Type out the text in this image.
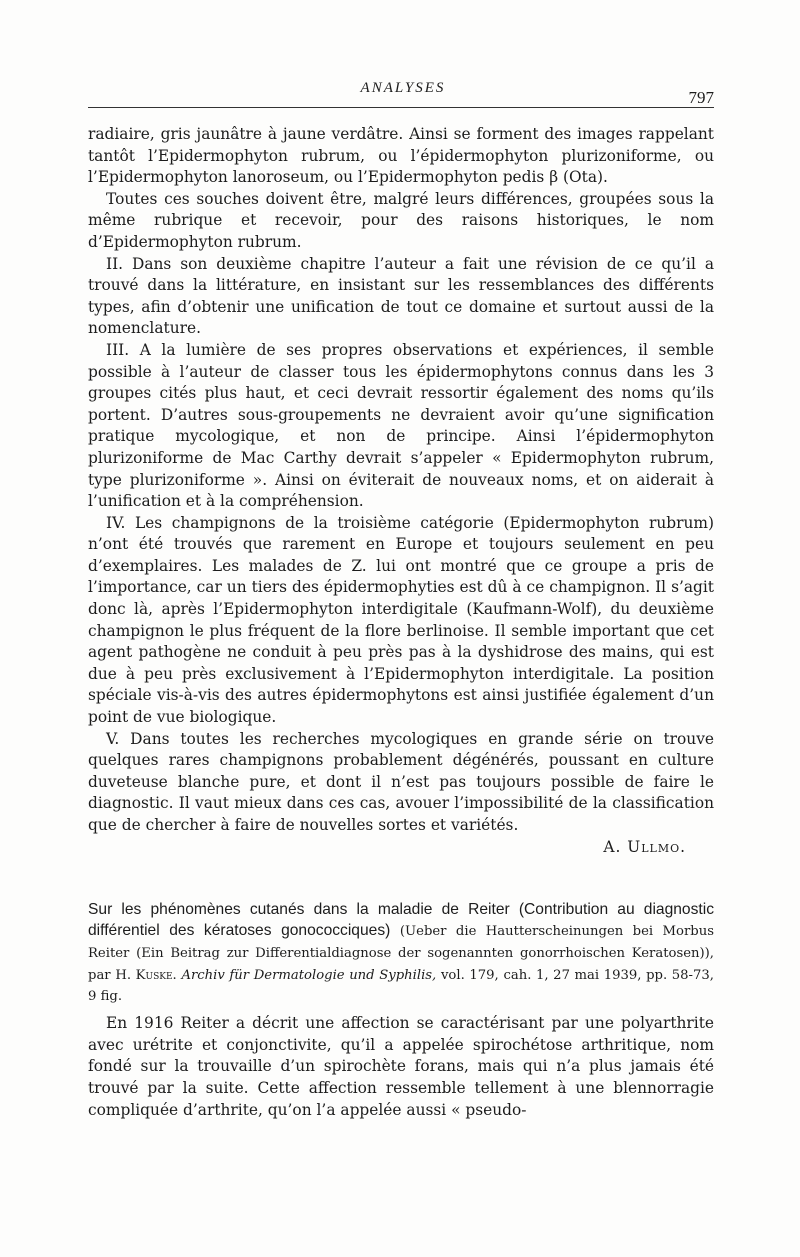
ANALYSES	797

radiaire, gris jaunâtre à jaune verdâtre. Ainsi se forment des images rappelant tantôt l’Epidermophyton rubrum, ou l’épidermophyton plurizoniforme, ou l’Epidermophyton lanoroseum, ou l’Epidermophyton pedis β (Ota).

Toutes ces souches doivent être, malgré leurs différences, groupées sous la même rubrique et recevoir, pour des raisons historiques, le nom d’Epidermophyton rubrum.

II. Dans son deuxième chapitre l’auteur a fait une révision de ce qu’il a trouvé dans la littérature, en insistant sur les ressemblances des différents types, afin d’obtenir une unification de tout ce domaine et surtout aussi de la nomenclature.

III. A la lumière de ses propres observations et expériences, il semble possible à l’auteur de classer tous les épidermophytons connus dans les 3 groupes cités plus haut, et ceci devrait ressortir également des noms qu’ils portent. D’autres sous-groupements ne devraient avoir qu’une signification pratique mycologique, et non de principe. Ainsi l’épidermophyton plurizoniforme de Mac Carthy devrait s’appeler « Epidermophyton rubrum, type plurizoniforme ». Ainsi on éviterait de nouveaux noms, et on aiderait à l’unification et à la compréhension.

IV. Les champignons de la troisième catégorie (Epidermophyton rubrum) n’ont été trouvés que rarement en Europe et toujours seulement en peu d’exemplaires. Les malades de Z. lui ont montré que ce groupe a pris de l’importance, car un tiers des épidermophyties est dû à ce champignon. Il s’agit donc là, après l’Epidermophyton interdigitale (Kaufmann-Wolf), du deuxième champignon le plus fréquent de la flore berlinoise. Il semble important que cet agent pathogène ne conduit à peu près pas à la dyshidrose des mains, qui est due à peu près exclusivement à l’Epidermophyton interdigitale. La position spéciale vis-à-vis des autres épidermophytons est ainsi justifiée également d’un point de vue biologique.

V. Dans toutes les recherches mycologiques en grande série on trouve quelques rares champignons probablement dégénérés, poussant en culture duveteuse blanche pure, et dont il n’est pas toujours possible de faire le diagnostic. Il vaut mieux dans ces cas, avouer l’impossibilité de la classification que de chercher à faire de nouvelles sortes et variétés.

A. Ullmo.

Sur les phénomènes cutanés dans la maladie de Reiter (Contribution au diagnostic différentiel des kératoses gonococciques) (Ueber die Hautterscheinungen bei Morbus Reiter (Ein Beitrag zur Differentialdiagnose der sogenannten gonorrhoischen Keratosen)), par H. Kuske. Archiv für Dermatologie und Syphilis, vol. 179, cah. 1, 27 mai 1939, pp. 58-73, 9 fig.

En 1916 Reiter a décrit une affection se caractérisant par une polyarthrite avec urétrite et conjonctivite, qu’il a appelée spirochétose arthritique, nom fondé sur la trouvaille d’un spirochète forans, mais qui n’a plus jamais été trouvé par la suite. Cette affection ressemble tellement à une blennorragie compliquée d’arthrite, qu’on l’a appelée aussi « pseudo-
